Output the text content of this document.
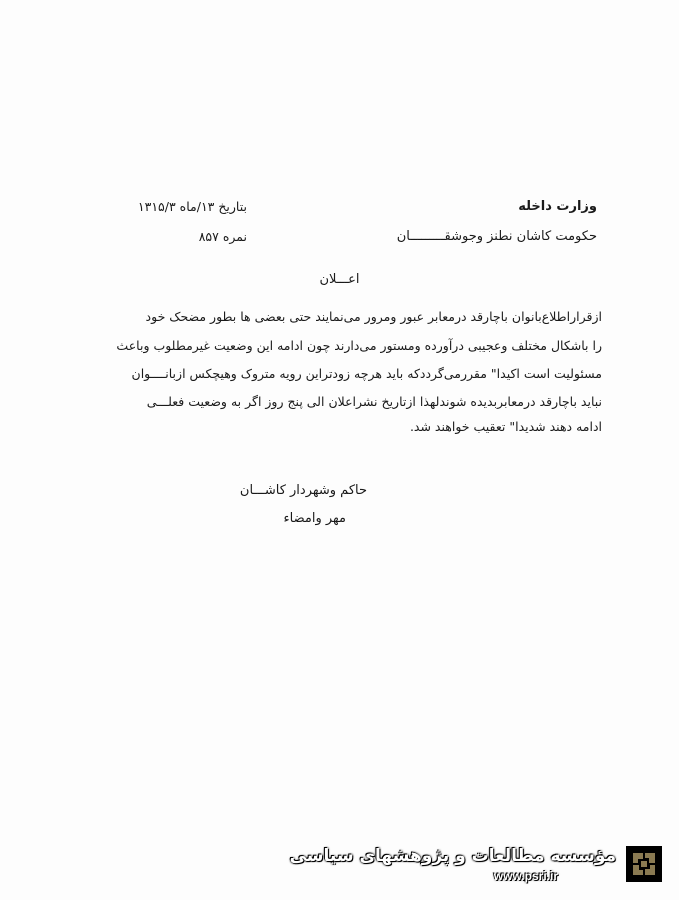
وزارت داخله
حکومت کاشان نطنز وجوشقـــــــــان
بتاریخ ۱۳/ماه ۱۳۱۵/۳
نمره ۸۵۷
اعـــلان
ازقراراطلاع‌بانوان باچارقد درمعابر عبور ومرور می‌نمایند حتی بعضی ها بطور مضحک خود
را باشکال مختلف وعجیبی درآورده ومستور می‌دارند چون ادامه این وضعیت غیرمطلوب وباعث
مسئولیت است اکیدا" مقررمی‌گرددکه باید هرچه زودتراین رویه متروک وهیچکس ازبانــــوان
نباید باچارقد درمعابربدیده شوندلهذا ازتاریخ نشراعلان الی پنج روز اگر به وضعیت فعلـــی
ادامه دهند شدیدا" تعقیب خواهند شد.
حاکم وشهردار کاشـــان
مهر وامضاء
مؤسسه مطالعات و پژوهشهای سیاسی
www.psri.ir
